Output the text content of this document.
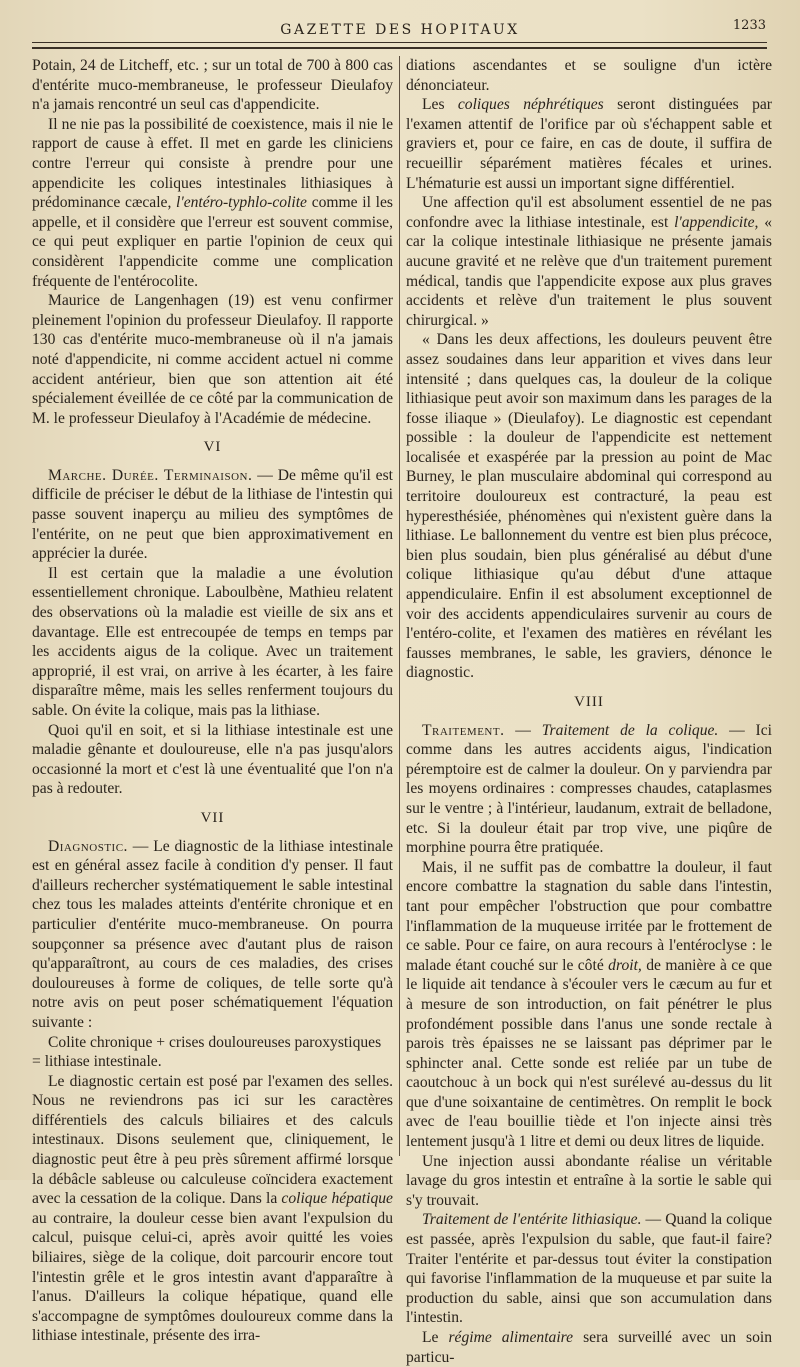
GAZETTE DES HOPITAUX	1233

Potain, 24 de Litcheff, etc. ; sur un total de 700 à 800 cas d'entérite muco-membraneuse, le professeur Dieulafoy n'a jamais rencontré un seul cas d'appendicite.

Il ne nie pas la possibilité de coexistence, mais il nie le rapport de cause à effet. Il met en garde les cliniciens contre l'erreur qui consiste à prendre pour une appendicite les coliques intestinales lithiasiques à prédominance cæcale, l'entéro-typhlo-colite comme il les appelle, et il considère que l'erreur est souvent commise, ce qui peut expliquer en partie l'opinion de ceux qui considèrent l'appendicite comme une complication fréquente de l'entérocolite.

Maurice de Langenhagen (19) est venu confirmer pleinement l'opinion du professeur Dieulafoy. Il rapporte 130 cas d'entérite muco-membraneuse où il n'a jamais noté d'appendicite, ni comme accident actuel ni comme accident antérieur, bien que son attention ait été spécialement éveillée de ce côté par la communication de M. le professeur Dieulafoy à l'Académie de médecine.

VI

Marche. Durée. Terminaison. — De même qu'il est difficile de préciser le début de la lithiase de l'intestin qui passe souvent inaperçu au milieu des symptômes de l'entérite, on ne peut que bien approximativement en apprécier la durée.

Il est certain que la maladie a une évolution essentiellement chronique. Laboulbène, Mathieu relatent des observations où la maladie est vieille de six ans et davantage. Elle est entrecoupée de temps en temps par les accidents aigus de la colique. Avec un traitement approprié, il est vrai, on arrive à les écarter, à les faire disparaître même, mais les selles renferment toujours du sable. On évite la colique, mais pas la lithiase.

Quoi qu'il en soit, et si la lithiase intestinale est une maladie gênante et douloureuse, elle n'a pas jusqu'alors occasionné la mort et c'est là une éventualité que l'on n'a pas à redouter.

VII

Diagnostic. — Le diagnostic de la lithiase intestinale est en général assez facile à condition d'y penser. Il faut d'ailleurs rechercher systématiquement le sable intestinal chez tous les malades atteints d'entérite chronique et en particulier d'entérite muco-membraneuse. On pourra soupçonner sa présence avec d'autant plus de raison qu'apparaîtront, au cours de ces maladies, des crises douloureuses à forme de coliques, de telle sorte qu'à notre avis on peut poser schématiquement l'équation suivante :

Colite chronique + crises douloureuses paroxystiques
= lithiase intestinale.

Le diagnostic certain est posé par l'examen des selles. Nous ne reviendrons pas ici sur les caractères différentiels des calculs biliaires et des calculs intestinaux. Disons seulement que, cliniquement, le diagnostic peut être à peu près sûrement affirmé lorsque la débâcle sableuse ou calculeuse coïncidera exactement avec la cessation de la colique. Dans la colique hépatique au contraire, la douleur cesse bien avant l'expulsion du calcul, puisque celui-ci, après avoir quitté les voies biliaires, siège de la colique, doit parcourir encore tout l'intestin grêle et le gros intestin avant d'apparaître à l'anus. D'ailleurs la colique hépatique, quand elle s'accompagne de symptômes douloureux comme dans la lithiase intestinale, présente des irra-

diations ascendantes et se souligne d'un ictère dénonciateur.

Les coliques néphrétiques seront distinguées par l'examen attentif de l'orifice par où s'échappent sable et graviers et, pour ce faire, en cas de doute, il suffira de recueillir séparément matières fécales et urines. L'hématurie est aussi un important signe différentiel.

Une affection qu'il est absolument essentiel de ne pas confondre avec la lithiase intestinale, est l'appendicite, « car la colique intestinale lithiasique ne présente jamais aucune gravité et ne relève que d'un traitement purement médical, tandis que l'appendicite expose aux plus graves accidents et relève d'un traitement le plus souvent chirurgical. »

« Dans les deux affections, les douleurs peuvent être assez soudaines dans leur apparition et vives dans leur intensité ; dans quelques cas, la douleur de la colique lithiasique peut avoir son maximum dans les parages de la fosse iliaque » (Dieulafoy). Le diagnostic est cependant possible : la douleur de l'appendicite est nettement localisée et exaspérée par la pression au point de Mac Burney, le plan musculaire abdominal qui correspond au territoire douloureux est contracturé, la peau est hyperesthésiée, phénomènes qui n'existent guère dans la lithiase. Le ballonnement du ventre est bien plus précoce, bien plus soudain, bien plus généralisé au début d'une colique lithiasique qu'au début d'une attaque appendiculaire. Enfin il est absolument exceptionnel de voir des accidents appendiculaires survenir au cours de l'entéro-colite, et l'examen des matières en révélant les fausses membranes, le sable, les graviers, dénonce le diagnostic.

VIII

Traitement. — Traitement de la colique. — Ici comme dans les autres accidents aigus, l'indication péremptoire est de calmer la douleur. On y parviendra par les moyens ordinaires : compresses chaudes, cataplasmes sur le ventre ; à l'intérieur, laudanum, extrait de belladone, etc. Si la douleur était par trop vive, une piqûre de morphine pourra être pratiquée.

Mais, il ne suffit pas de combattre la douleur, il faut encore combattre la stagnation du sable dans l'intestin, tant pour empêcher l'obstruction que pour combattre l'inflammation de la muqueuse irritée par le frottement de ce sable. Pour ce faire, on aura recours à l'entéroclyse : le malade étant couché sur le côté droit, de manière à ce que le liquide ait tendance à s'écouler vers le cæcum au fur et à mesure de son introduction, on fait pénétrer le plus profondément possible dans l'anus une sonde rectale à parois très épaisses ne se laissant pas déprimer par le sphincter anal. Cette sonde est reliée par un tube de caoutchouc à un bock qui n'est surélevé au-dessus du lit que d'une soixantaine de centimètres. On remplit le bock avec de l'eau bouillie tiède et l'on injecte ainsi très lentement jusqu'à 1 litre et demi ou deux litres de liquide.

Une injection aussi abondante réalise un véritable lavage du gros intestin et entraîne à la sortie le sable qui s'y trouvait.

Traitement de l'entérite lithiasique. — Quand la colique est passée, après l'expulsion du sable, que faut-il faire? Traiter l'entérite et par-dessus tout éviter la constipation qui favorise l'inflammation de la muqueuse et par suite la production du sable, ainsi que son accumulation dans l'intestin.

Le régime alimentaire sera surveillé avec un soin particu-
